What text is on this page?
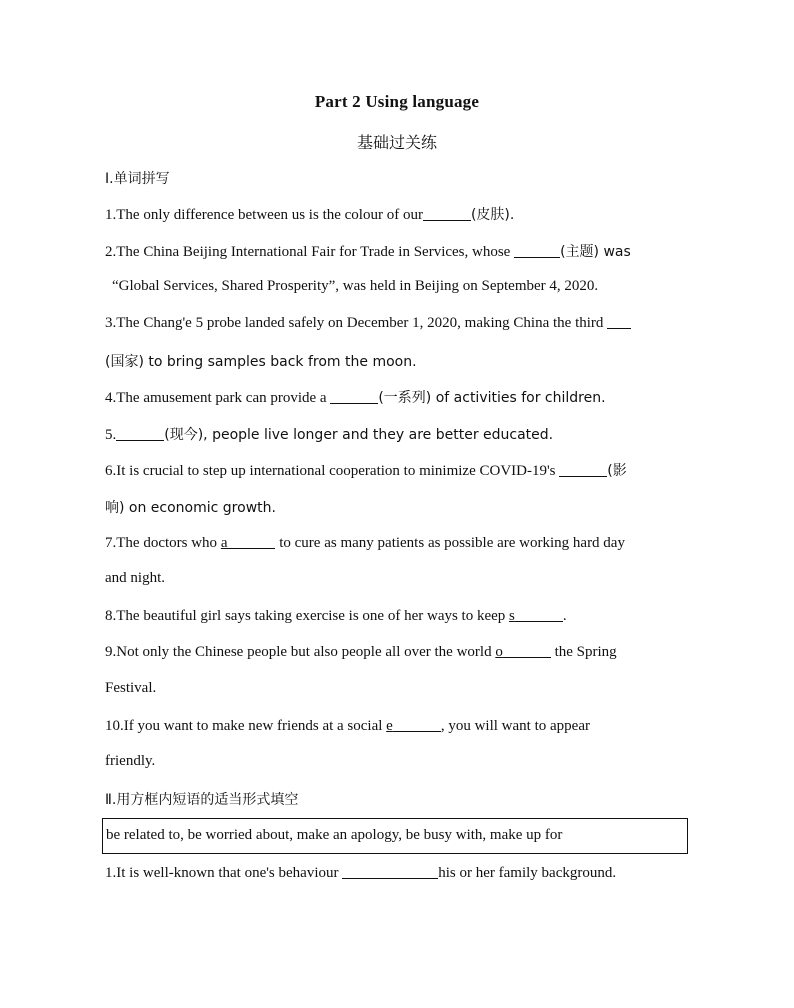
Part 2 Using language
基础过关练
Ⅰ.单词拼写
1.The only difference between us is the colour of our	(皮肤).
2.The China Beijing International Fair for Trade in Services, whose	(主题) was
“Global Services, Shared Prosperity”, was held in Beijing on September 4, 2020.
3.The Chang'e 5 probe landed safely on December 1, 2020, making China the third
(国家) to bring samples back from the moon.
4.The amusement park can provide a	(一系列) of activities for children.
5.	(现今), people live longer and they are better educated.
6.It is crucial to step up international cooperation to minimize COVID-19's	(影
响) on economic growth.
7.The doctors who a	to cure as many patients as possible are working hard day
and night.
8.The beautiful girl says taking exercise is one of her ways to keep s	.
9.Not only the Chinese people but also people all over the world o	the Spring
Festival.
10.If you want to make new friends at a social e	, you will want to appear
friendly.
Ⅱ.用方框内短语的适当形式填空
be related to, be worried about, make an apology, be busy with, make up for
1.It is well-known that one's behaviour	his or her family background.
